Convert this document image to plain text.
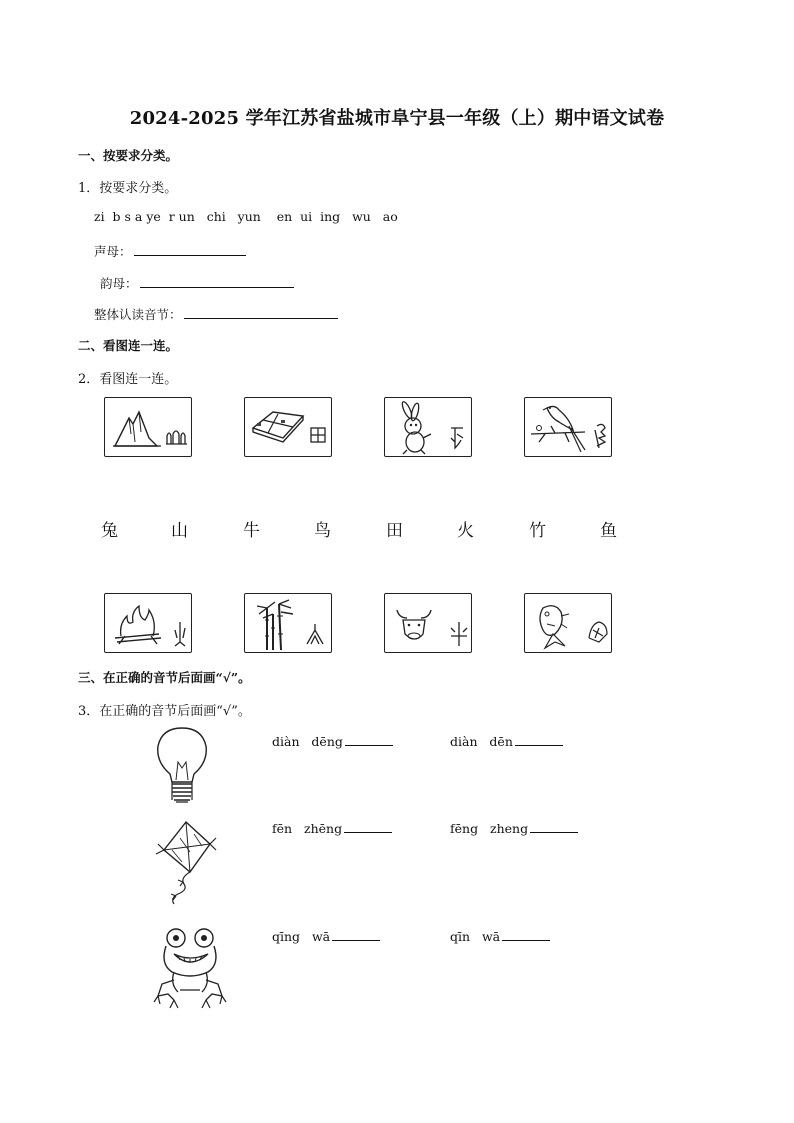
2024-2025 学年江苏省盐城市阜宁县一年级（上）期中语文试卷
一、按要求分类。
1．按要求分类。
zi  b s a ye  r un   chi   yun    en  ui  ing   wu   ao
声母：
韵母：
整体认读音节：
二、看图连一连。
2．看图连一连。
兔	山	牛	鸟	田	火	竹	鱼
三、在正确的音节后面画“√”。
3．在正确的音节后面画“√”。
diàn   dēng	diàn   dēn
fēn   zhēng	fēng   zheng
qīng   wā	qīn   wā
